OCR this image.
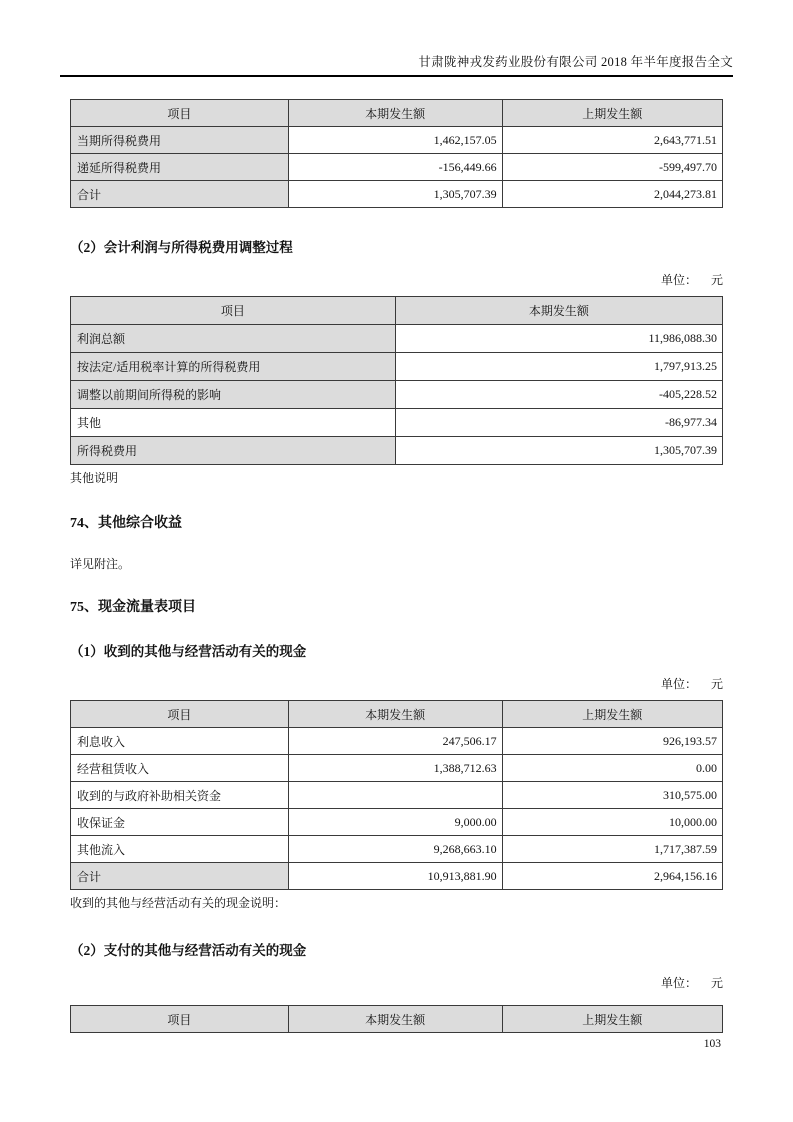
甘肃陇神戎发药业股份有限公司 2018 年半年度报告全文
项目	本期发生额	上期发生额
当期所得税费用	1,462,157.05	2,643,771.51
递延所得税费用	-156,449.66	-599,497.70
合计	1,305,707.39	2,044,273.81
（2）会计利润与所得税费用调整过程
单位： 元
项目	本期发生额
利润总额	11,986,088.30
按法定/适用税率计算的所得税费用	1,797,913.25
调整以前期间所得税的影响	-405,228.52
其他	-86,977.34
所得税费用	1,305,707.39
其他说明
74、其他综合收益
详见附注。
75、现金流量表项目
（1）收到的其他与经营活动有关的现金
单位： 元
项目	本期发生额	上期发生额
利息收入	247,506.17	926,193.57
经营租赁收入	1,388,712.63	0.00
收到的与政府补助相关资金		310,575.00
收保证金	9,000.00	10,000.00
其他流入	9,268,663.10	1,717,387.59
合计	10,913,881.90	2,964,156.16
收到的其他与经营活动有关的现金说明：
（2）支付的其他与经营活动有关的现金
单位： 元
项目	本期发生额	上期发生额
103
